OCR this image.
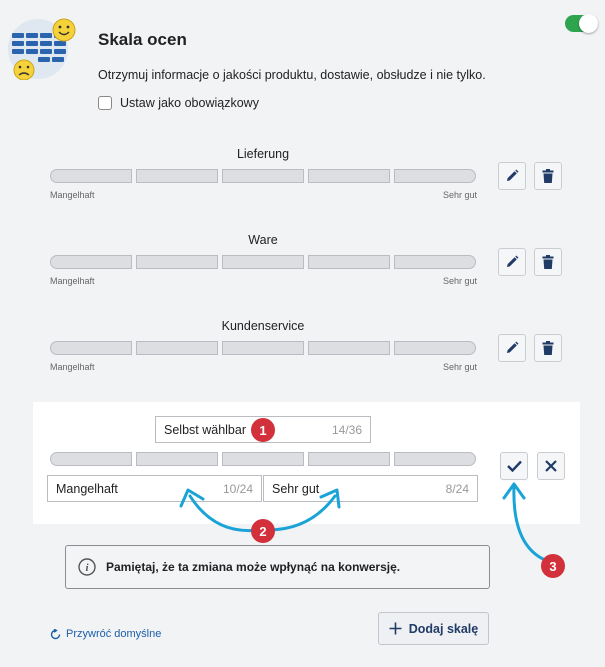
Skala ocen
Otrzymuj informacje o jakości produktu, dostawie, obsłudze i nie tylko.
Ustaw jako obowiązkowy
Lieferung
Mangelhaft	Sehr gut
Ware
Mangelhaft	Sehr gut
Kundenservice
Mangelhaft	Sehr gut
Selbst wählbar	14/36
Mangelhaft	10/24 Sehr gut	8/24
1
2
3
i Pamiętaj, że ta zmiana może wpłynąć na konwersję.
Przywróć domyślne	Dodaj skalę
